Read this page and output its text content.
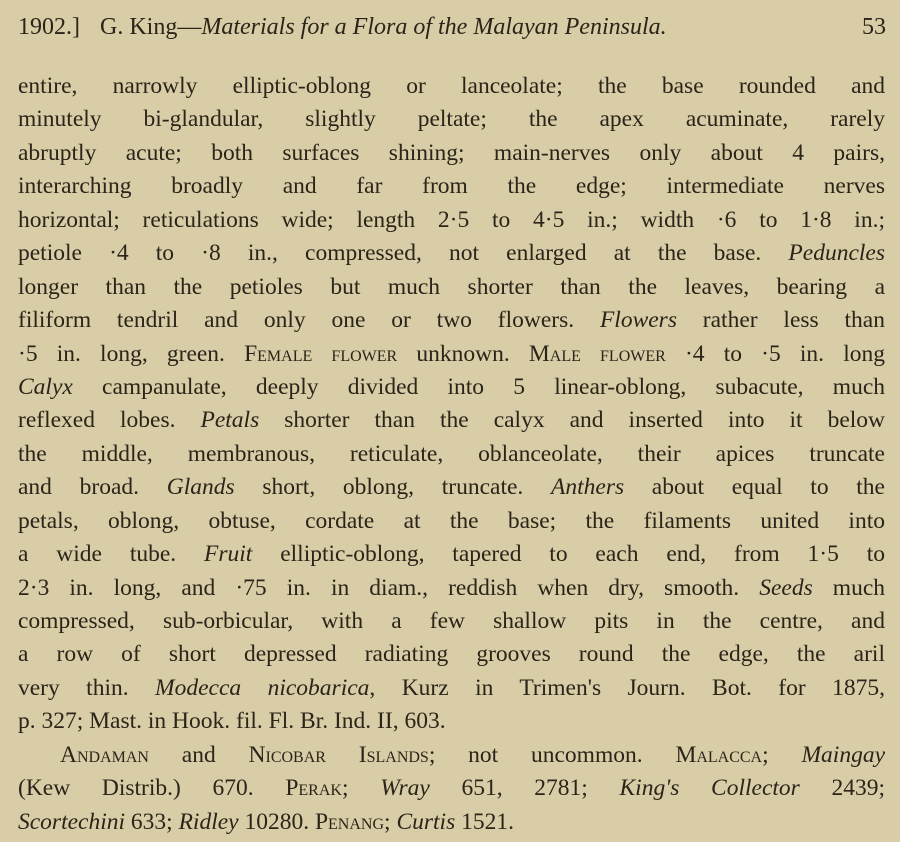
1902.] G. King—Materials for a Flora of the Malayan Peninsula.	53
entire, narrowly elliptic-oblong or lanceolate; the base rounded and
minutely bi-glandular, slightly peltate; the apex acuminate, rarely
abruptly acute; both surfaces shining; main-nerves only about 4 pairs,
interarching broadly and far from the edge; intermediate nerves
horizontal; reticulations wide; length 2·5 to 4·5 in.; width ·6 to 1·8 in.;
petiole ·4 to ·8 in., compressed, not enlarged at the base. Peduncles
longer than the petioles but much shorter than the leaves, bearing a
filiform tendril and only one or two flowers. Flowers rather less than
·5 in. long, green. Female flower unknown. Male flower ·4 to ·5 in. long
Calyx campanulate, deeply divided into 5 linear-oblong, subacute, much
reflexed lobes. Petals shorter than the calyx and inserted into it below
the middle, membranous, reticulate, oblanceolate, their apices truncate
and broad. Glands short, oblong, truncate. Anthers about equal to the
petals, oblong, obtuse, cordate at the base; the filaments united into
a wide tube. Fruit elliptic-oblong, tapered to each end, from 1·5 to
2·3 in. long, and ·75 in. in diam., reddish when dry, smooth. Seeds much
compressed, sub-orbicular, with a few shallow pits in the centre, and
a row of short depressed radiating grooves round the edge, the aril
very thin. Modecca nicobarica, Kurz in Trimen's Journ. Bot. for 1875,
p. 327; Mast. in Hook. fil. Fl. Br. Ind. II, 603.
Andaman and Nicobar Islands; not uncommon. Malacca; Maingay
(Kew Distrib.) 670. Perak; Wray 651, 2781; King's Collector 2439;
Scortechini 633; Ridley 10280. Penang; Curtis 1521.
